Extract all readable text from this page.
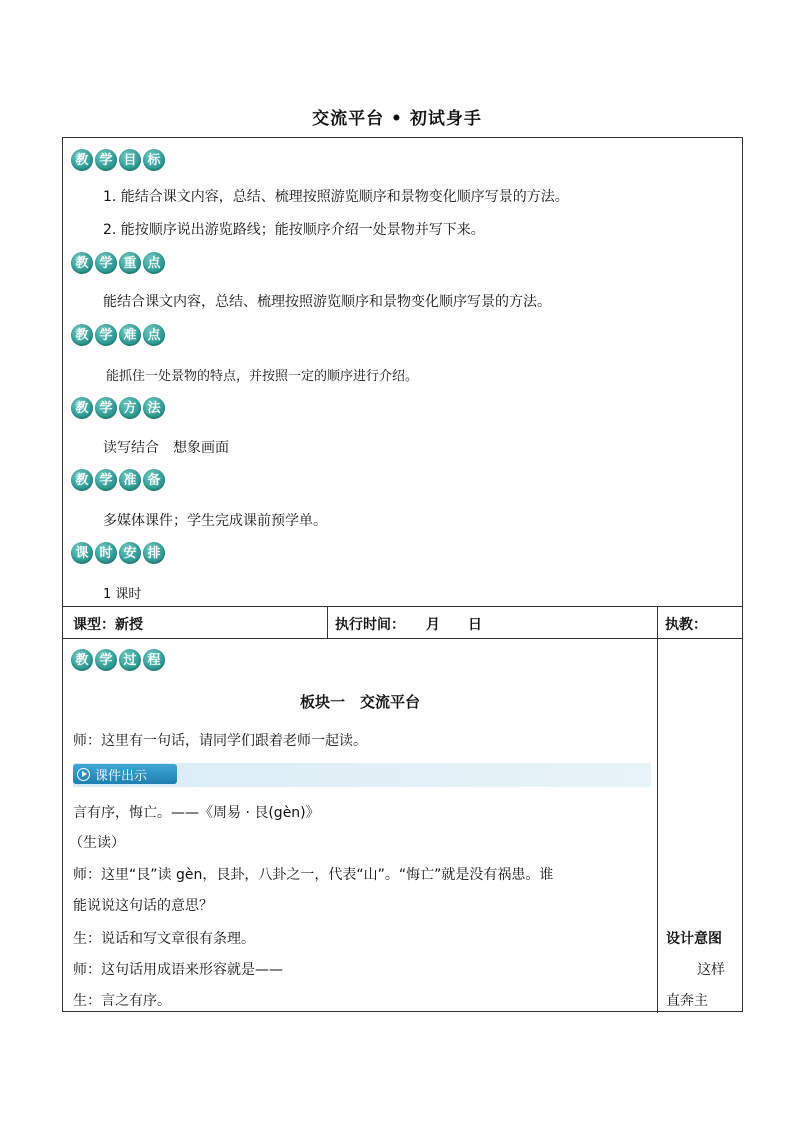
交流平台 • 初试身手
教 学 目 标
1. 能结合课文内容，总结、梳理按照游览顺序和景物变化顺序写景的方法。
2. 能按顺序说出游览路线；能按顺序介绍一处景物并写下来。
教 学 重 点
能结合课文内容，总结、梳理按照游览顺序和景物变化顺序写景的方法。
教 学 难 点
能抓住一处景物的特点，并按照一定的顺序进行介绍。
教 学 方 法
读写结合　想象画面
教 学 准 备
多媒体课件；学生完成课前预学单。
课 时 安 排
1 课时
课型：新授	执行时间：　　月　　日	执教：
教 学 过 程
板块一　交流平台
师：这里有一句话，请同学们跟着老师一起读。
课件出示
言有序，悔亡。——《周易 · 艮(gèn)》
（生读）
师：这里“艮”读 gèn，艮卦，八卦之一，代表“山”。“悔亡”就是没有祸患。谁
能说说这句话的意思？
生：说话和写文章很有条理。
师：这句话用成语来形容就是——
生：言之有序。
设计意图
这样
直奔主
